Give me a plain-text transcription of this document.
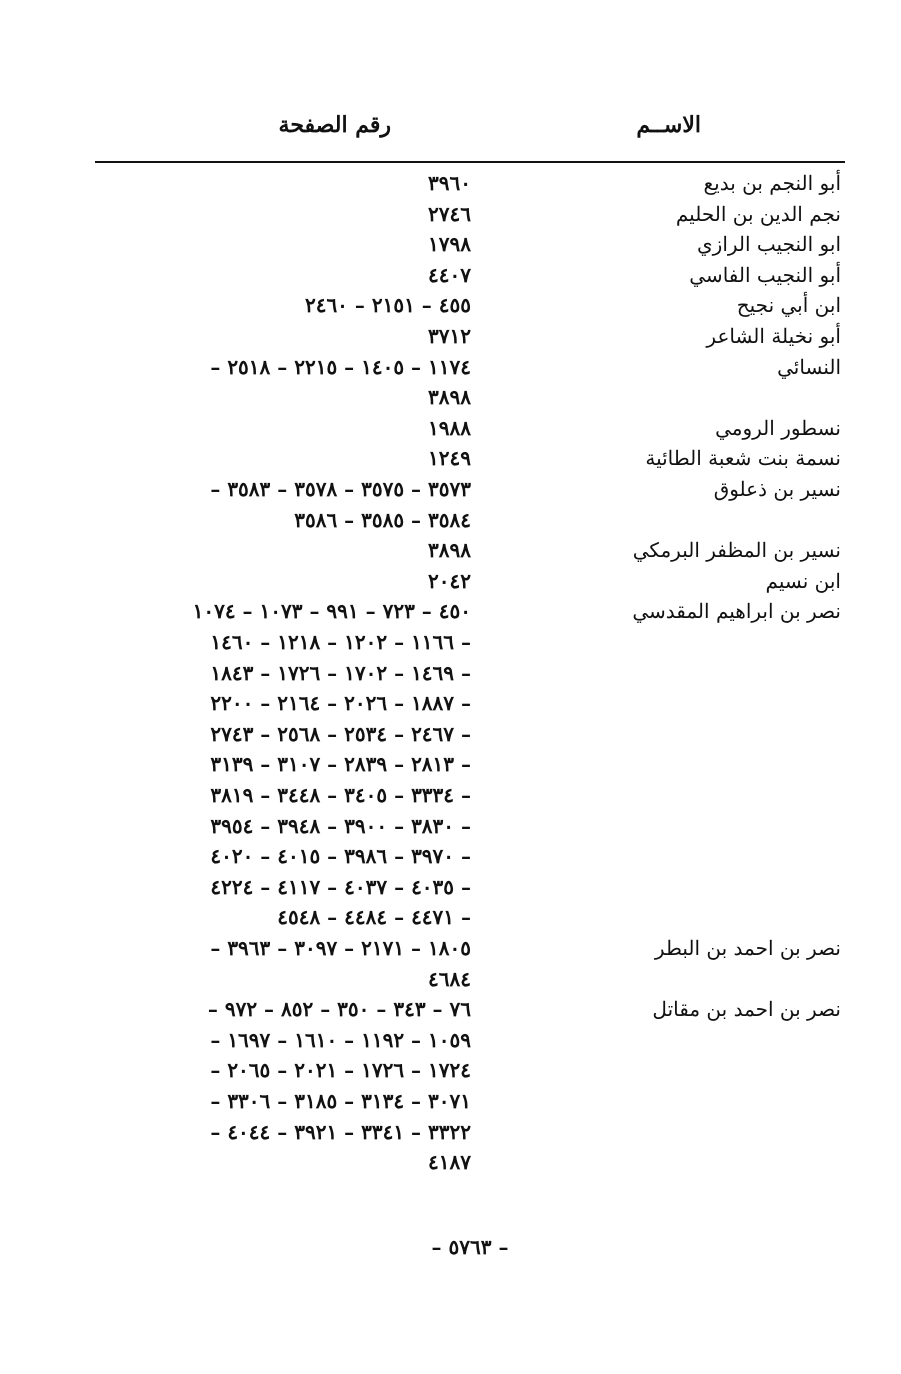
الاســم
رقم الصفحة
أبو النجم بن بديع
٣٩٦٠
نجم الدين بن الحليم
٢٧٤٦
ابو النجيب الرازي
١٧٩٨
أبو النجيب الفاسي
٤٤٠٧
ابن أبي نجيح
٤٥٥ – ٢١٥١ – ٢٤٦٠
أبو نخيلة الشاعر
٣٧١٢
النسائي
١١٧٤ – ١٤٠٥ – ٢٢١٥ – ٢٥١٨ –
٣٨٩٨
نسطور الرومي
١٩٨٨
نسمة بنت شعبة الطائية
١٢٤٩
نسير بن ذعلوق
٣٥٧٣ – ٣٥٧٥ – ٣٥٧٨ – ٣٥٨٣ –
٣٥٨٤ – ٣٥٨٥ – ٣٥٨٦
نسير بن المظفر البرمكي
٣٨٩٨
ابن نسيم
٢٠٤٢
نصر بن ابراهيم المقدسي
٤٥٠ – ٧٢٣ – ٩٩١ – ١٠٧٣ – ١٠٧٤
– ١١٦٦ – ١٢٠٢ – ١٢١٨ – ١٤٦٠
– ١٤٦٩ – ١٧٠٢ – ١٧٢٦ – ١٨٤٣
– ١٨٨٧ – ٢٠٢٦ – ٢١٦٤ – ٢٢٠٠
– ٢٤٦٧ – ٢٥٣٤ – ٢٥٦٨ – ٢٧٤٣
– ٢٨١٣ – ٢٨٣٩ – ٣١٠٧ – ٣١٣٩
– ٣٣٣٤ – ٣٤٠٥ – ٣٤٤٨ – ٣٨١٩
– ٣٨٣٠ – ٣٩٠٠ – ٣٩٤٨ – ٣٩٥٤
– ٣٩٧٠ – ٣٩٨٦ – ٤٠١٥ – ٤٠٢٠
– ٤٠٣٥ – ٤٠٣٧ – ٤١١٧ – ٤٢٢٤
– ٤٤٧١ – ٤٤٨٤ – ٤٥٤٨
نصر بن احمد بن البطر
١٨٠٥ – ٢١٧١ – ٣٠٩٧ – ٣٩٦٣ –
٤٦٨٤
نصر بن احمد بن مقاتل
٧٦ – ٣٤٣ – ٣٥٠ – ٨٥٢ – ٩٧٢ –
١٠٥٩ – ١١٩٢ – ١٦١٠ – ١٦٩٧ –
١٧٢٤ – ١٧٢٦ – ٢٠٢١ – ٢٠٦٥ –
٣٠٧١ – ٣١٣٤ – ٣١٨٥ – ٣٣٠٦ –
٣٣٢٢ – ٣٣٤١ – ٣٩٢١ – ٤٠٤٤ –
٤١٨٧
– ٥٧٦٣ –
